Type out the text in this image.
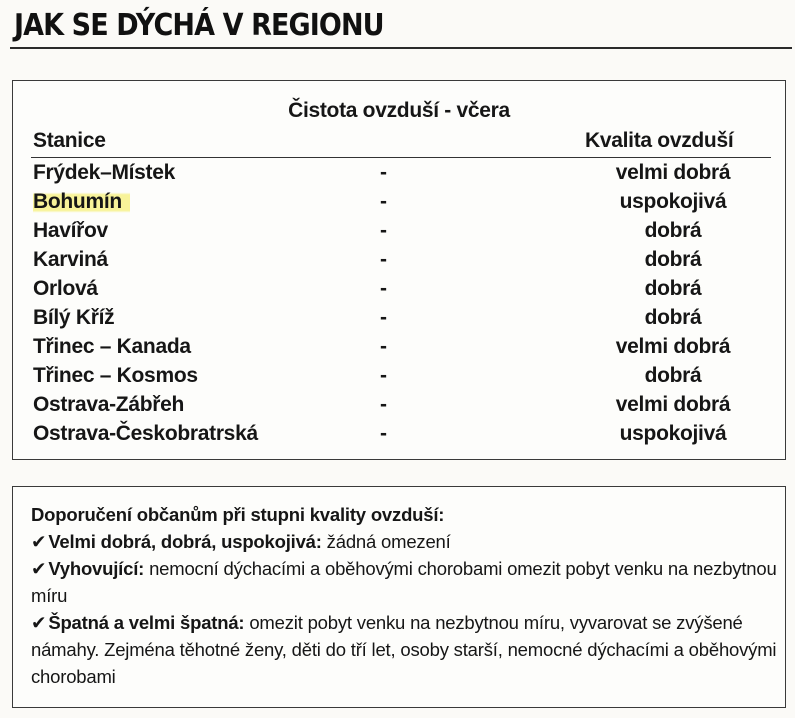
JAK SE DÝCHÁ V REGIONU
Čistota ovzduší - včera
Stanice	Kvalita ovzduší
Frýdek–Místek	-	velmi dobrá
Bohumín	-	uspokojivá
Havířov	-	dobrá
Karviná	-	dobrá
Orlová	-	dobrá
Bílý Kříž	-	dobrá
Třinec – Kanada	-	velmi dobrá
Třinec – Kosmos	-	dobrá
Ostrava-Zábřeh	-	velmi dobrá
Ostrava-Českobratrská	-	uspokojivá

Doporučení občanům při stupni kvality ovzduší:

✔ Velmi dobrá, dobrá, uspokojivá: žádná omezení

✔ Vyhovující: nemocní dýchacími a oběhovými chorobami omezit pobyt venku na nezbytnou míru

✔ Špatná a velmi špatná: omezit pobyt venku na nezbytnou míru, vyvarovat se zvýšené námahy. Zejména těhotné ženy, děti do tří let, osoby starší, nemocné dýchacími a oběhovými chorobami
